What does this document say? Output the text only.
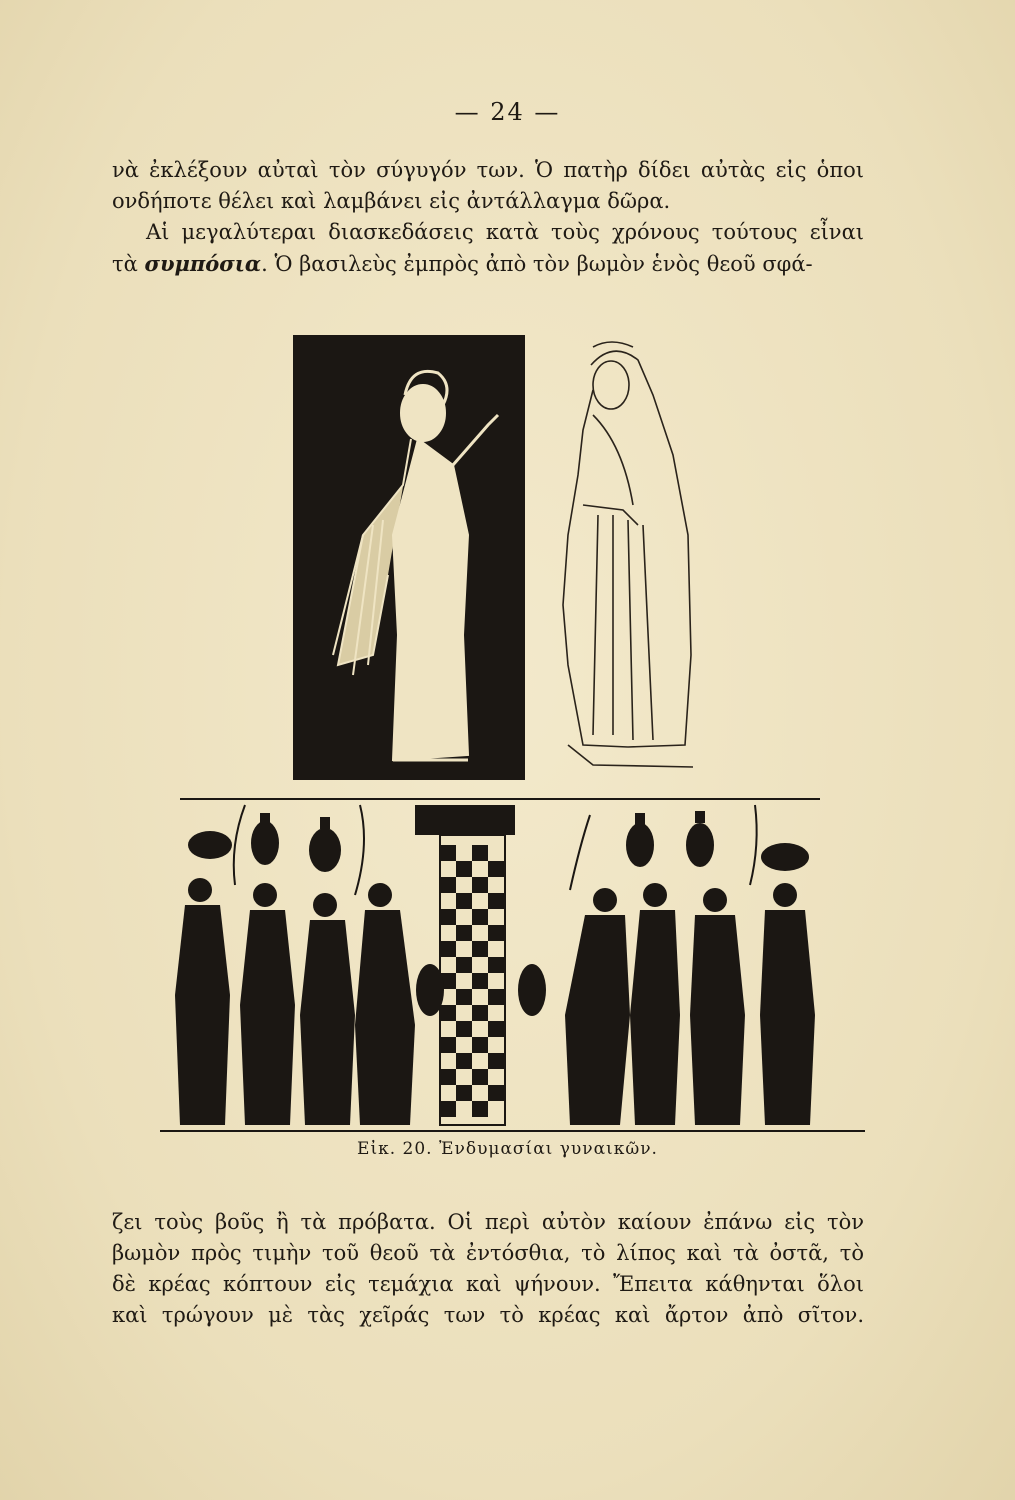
— 24 —
νὰ ἐκλέξουν αὐταὶ τὸν σύγυγόν των. Ὁ πατὴρ δίδει αὐτὰς εἰς ὁποι
ονδήποτε θέλει καὶ λαμβάνει εἰς ἀντάλλαγμα δῶρα.
Αἱ μεγαλύτεραι διασκεδάσεις κατὰ τοὺς χρόνους τούτους εἶναι
τὰ συμπόσια. Ὁ βασιλεὺς ἐμπρὸς ἀπὸ τὸν βωμὸν ἑνὸς θεοῦ σφά-
Εἰκ. 20. Ἐνδυμασίαι γυναικῶν.
ζει τοὺς βοῦς ἢ τὰ πρόβατα. Οἱ περὶ αὐτὸν καίουν ἐπάνω εἰς τὸν
βωμὸν πρὸς τιμὴν τοῦ θεοῦ τὰ ἐντόσθια, τὸ λίπος καὶ τὰ ὀστᾶ, τὸ
δὲ κρέας κόπτουν εἰς τεμάχια καὶ ψήνουν. Ἔπειτα κάθηνται ὅλοι
καὶ τρώγουν μὲ τὰς χεῖράς των τὸ κρέας καὶ ἄρτον ἀπὸ σῖτον.
